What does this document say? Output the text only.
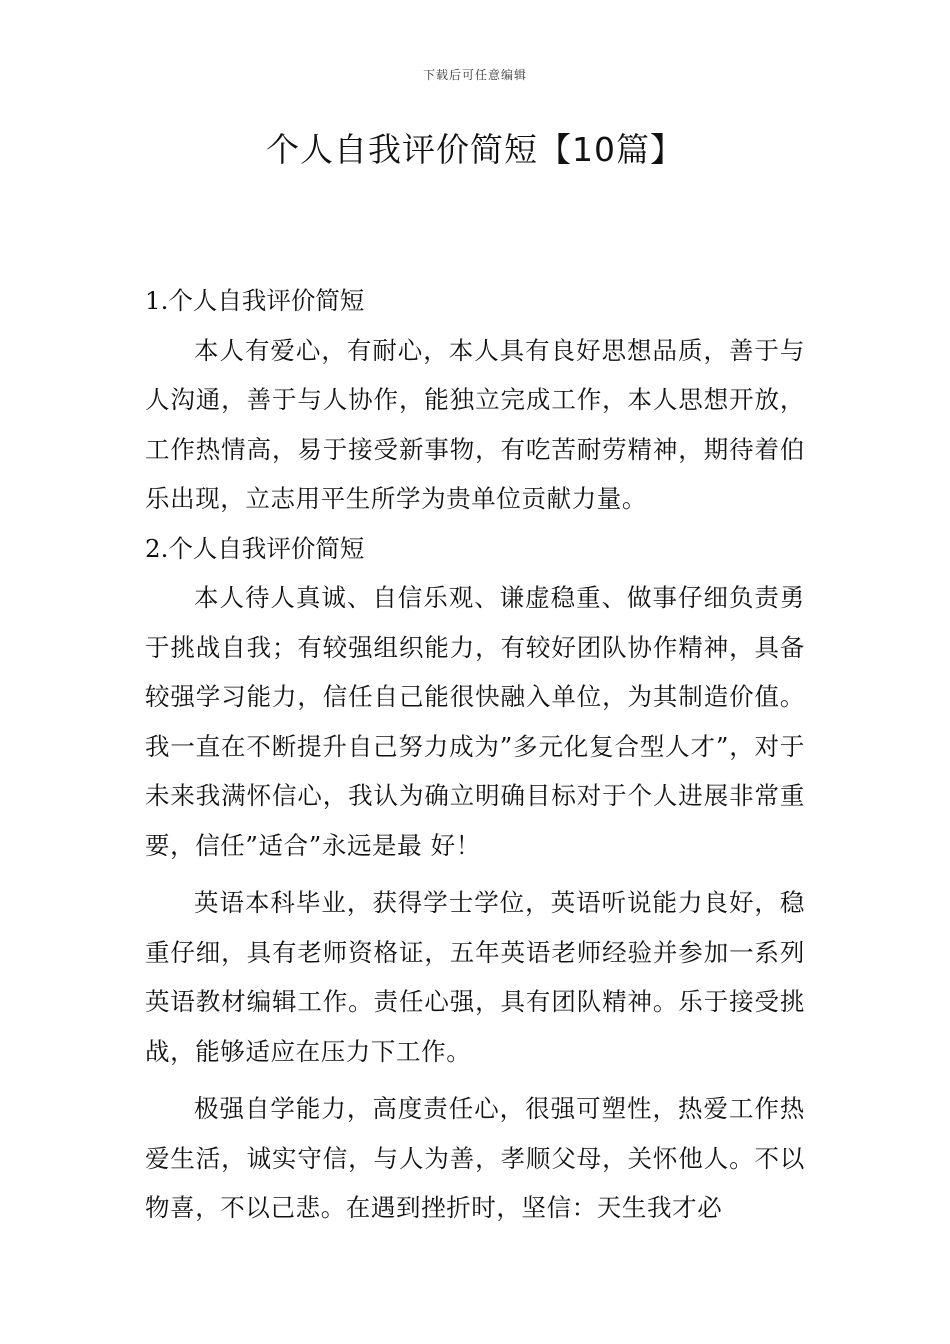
下载后可任意编辑
个人自我评价简短【10篇】

1.个人自我评价简短

本人有爱心，有耐心，本人具有良好思想品质，善于与人沟通，善于与人协作，能独立完成工作，本人思想开放，工作热情高，易于接受新事物，有吃苦耐劳精神，期待着伯乐出现，立志用平生所学为贵单位贡献力量。

2.个人自我评价简短

本人待人真诚、自信乐观、谦虚稳重、做事仔细负责勇于挑战自我；有较强组织能力，有较好团队协作精神，具备较强学习能力，信任自己能很快融入单位，为其制造价值。我一直在不断提升自己努力成为”多元化复合型人才”，对于未来我满怀信心，我认为确立明确目标对于个人进展非常重要，信任”适合”永远是最 好！

英语本科毕业，获得学士学位，英语听说能力良好，稳重仔细，具有老师资格证，五年英语老师经验并参加一系列英语教材编辑工作。责任心强，具有团队精神。乐于接受挑战，能够适应在压力下工作。

极强自学能力，高度责任心，很强可塑性，热爱工作热爱生活，诚实守信，与人为善，孝顺父母，关怀他人。不以物喜，不以己悲。在遇到挫折时，坚信：天生我才必
